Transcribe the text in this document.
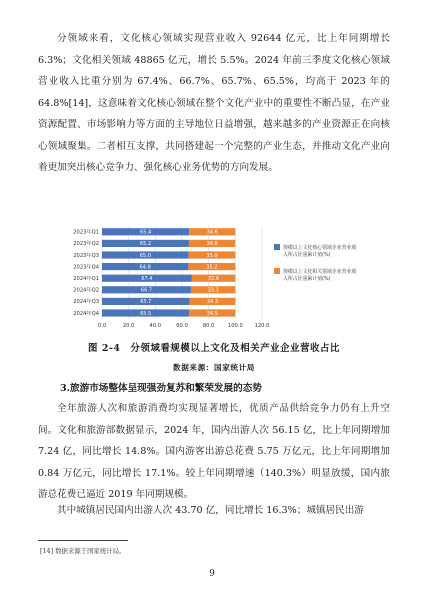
分领域来看，文化核心领域实现营业收入 92644 亿元，比上年同期增长 6.3%；文化相关领域 48865 亿元，增长 5.5%。2024 年前三季度文化核心领域营业收入比重分别为 67.4%、66.7%、65.7%、65.5%，均高于 2023 年的 64.8%[14]，这意味着文化核心领域在整个文化产业中的重要性不断凸显，在产业资源配置、市场影响力等方面的主导地位日益增强，越来越多的产业资源正在向核心领域聚集。二者相互支撑，共同搭建起一个完整的产业生态，并推动文化产业向着更加突出核心竞争力、强化核心业务优势的方向发展。
0.0	20.0	40.0	60.0	80.0	100.0 120.0
2023年Q1	65.4	34.6
2023年Q2	65.2	34.8
2023年Q3	65.0	35.0
2023年Q4	64.8	35.2
2024年Q1	67.4	32.6
2024年Q2	66.7	33.3
2024年Q3	65.7	34.3
2024年Q4	65.5	34.5
规模以上文化核心领域企业营业收
入所占比重累计值(%)
规模以上文化相关领域企业营业收
入所占比重累计值(%)
图 2-4　分领域看规模以上文化及相关产业企业营收占比
数据来源：国家统计局
3.旅游市场整体呈现强劲复苏和繁荣发展的态势
全年旅游人次和旅游消费均实现显著增长，优质产品供给竞争力仍有上升空间。文化和旅游部数据显示，2024 年，国内出游人次 56.15 亿，比上年同期增加 7.24 亿，同比增长 14.8%。国内游客出游总花费 5.75 万亿元，比上年同期增加 0.84 万亿元，同比增长 17.1%。较上年同期增速（140.3%）明显放缓，国内旅游总花费已逼近 2019 年同期规模。
其中城镇居民国内出游人次 43.70 亿，同比增长 16.3%；城镇居民出游
[14] 数据来源于国家统计局。
9
